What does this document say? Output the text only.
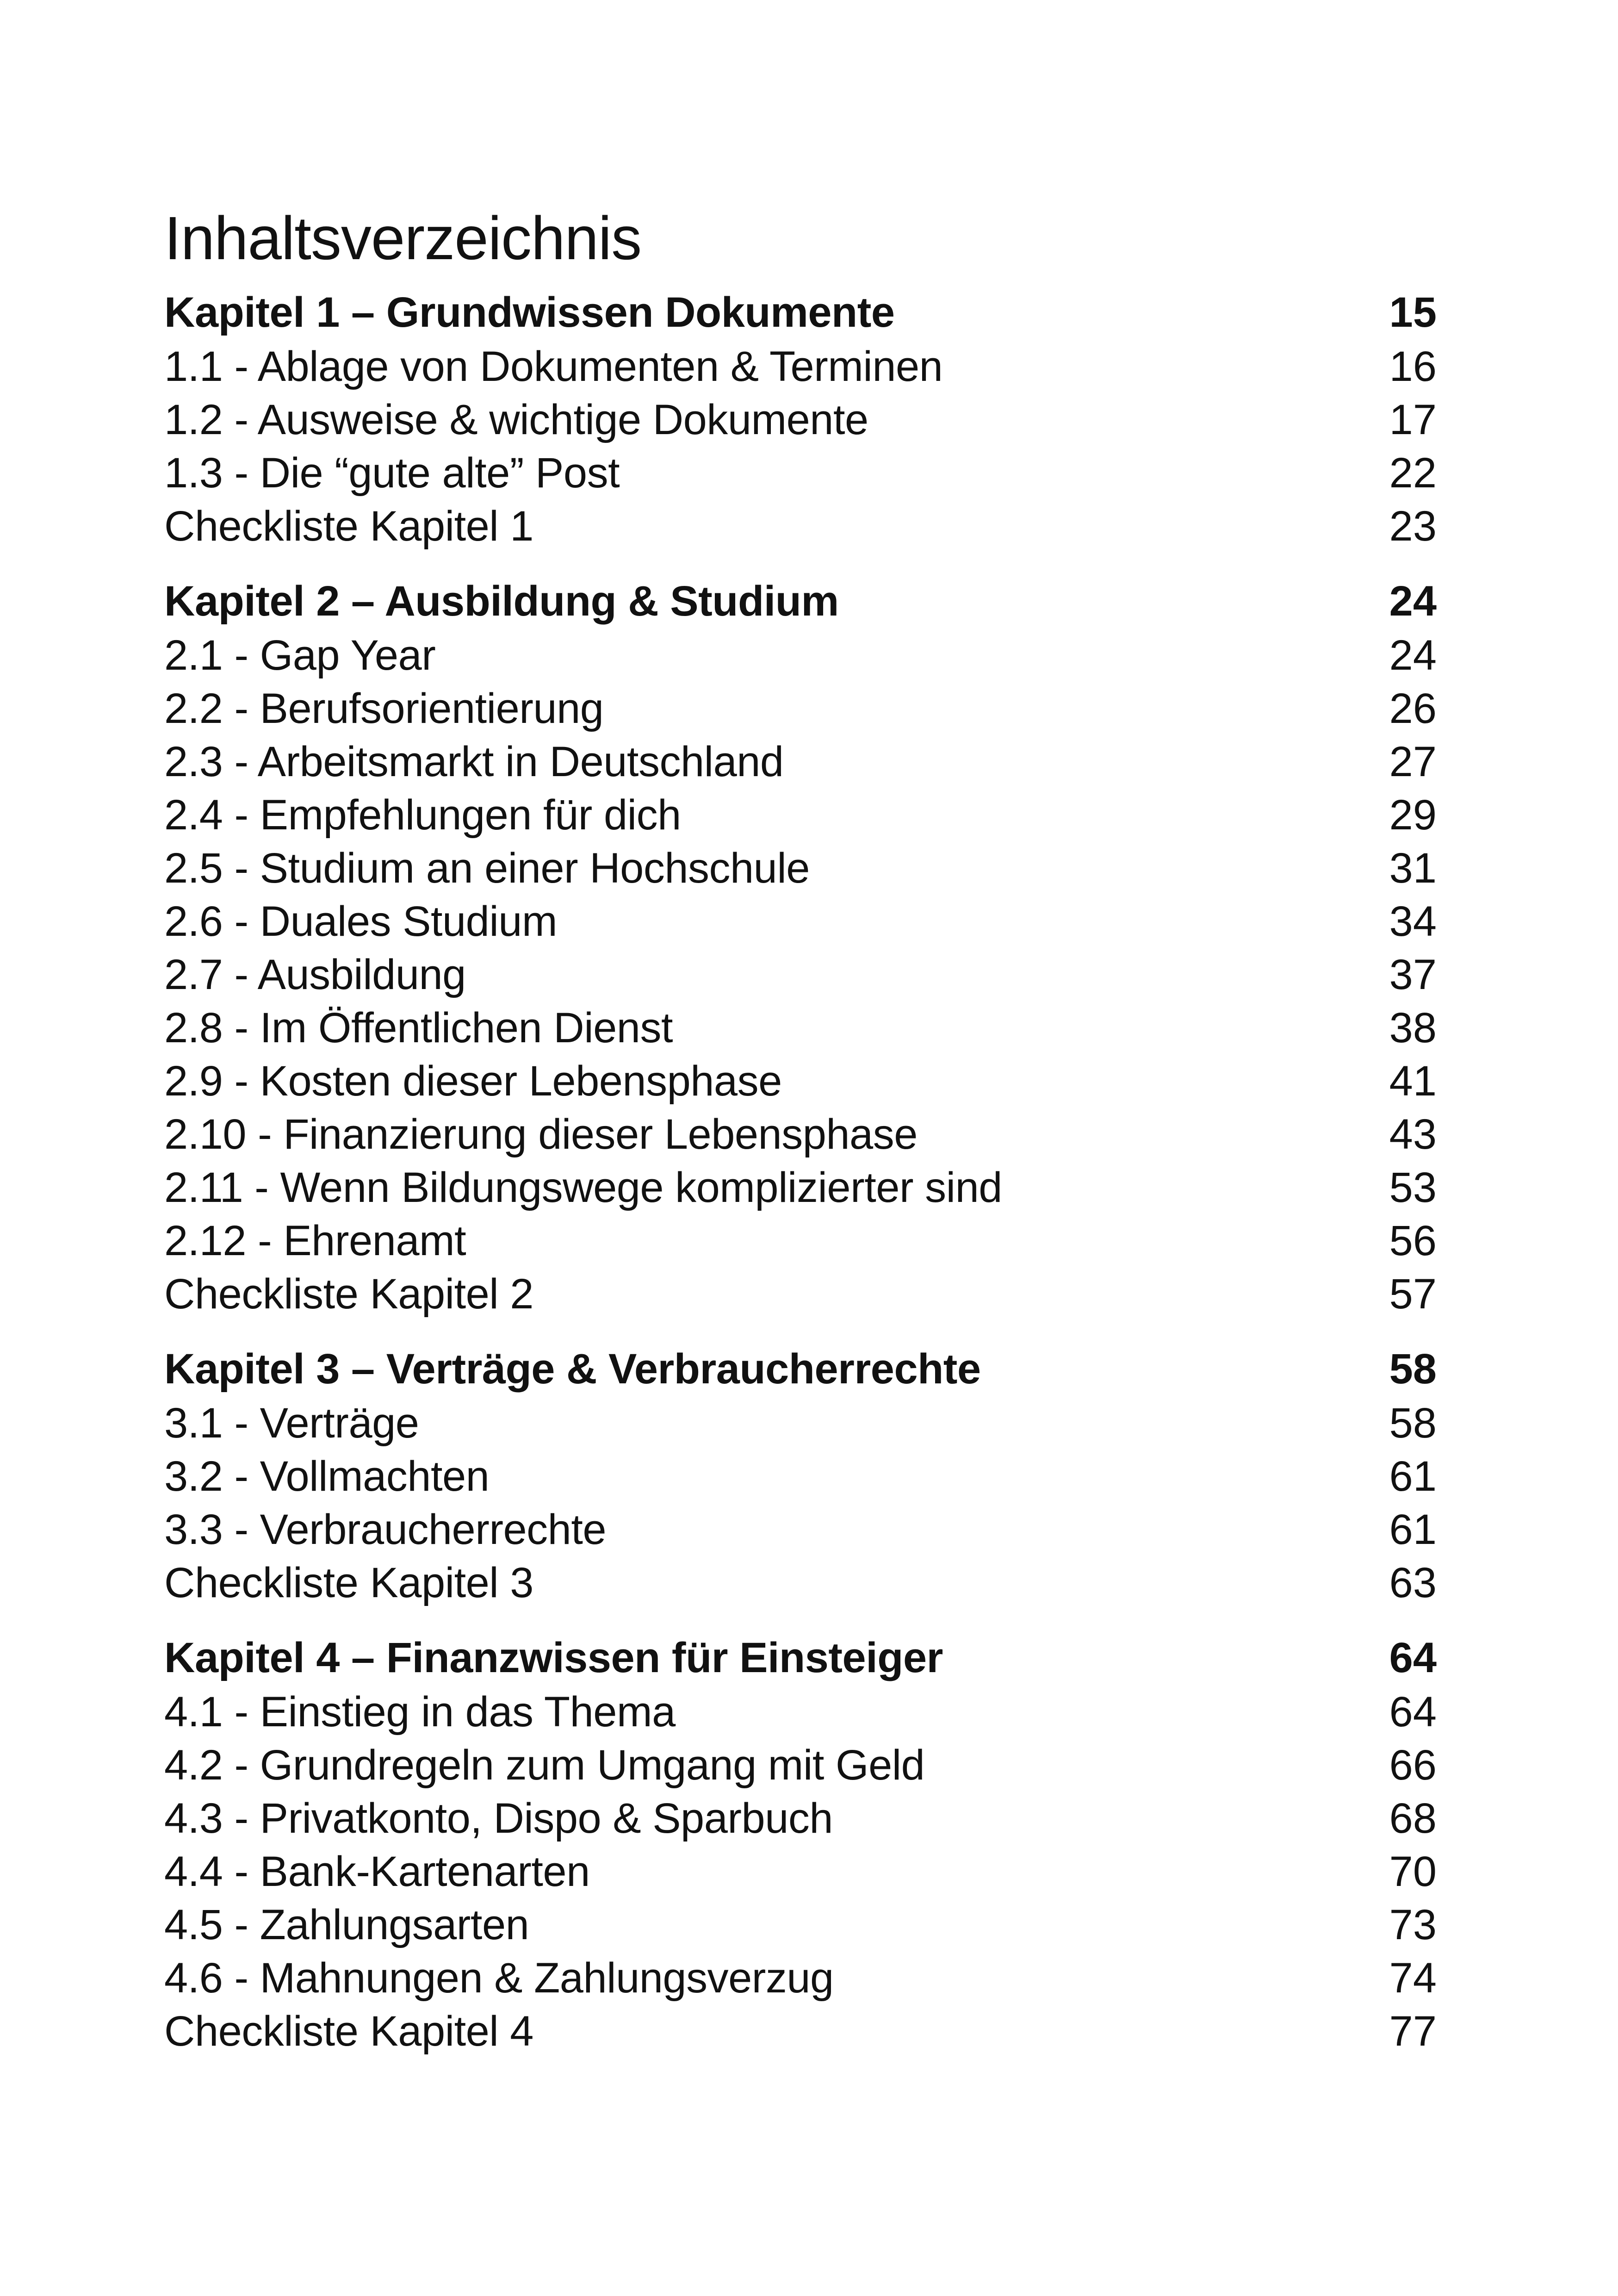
Inhaltsverzeichnis
Kapitel 1 – Grundwissen Dokumente	15
1.1 - Ablage von Dokumenten & Terminen	16
1.2 - Ausweise & wichtige Dokumente	17
1.3 - Die “gute alte” Post	22
Checkliste Kapitel 1	23
Kapitel 2 – Ausbildung & Studium	24
2.1 - Gap Year	24
2.2 - Berufsorientierung	26
2.3 - Arbeitsmarkt in Deutschland	27
2.4 - Empfehlungen für dich	29
2.5 - Studium an einer Hochschule	31
2.6 - Duales Studium	34
2.7 - Ausbildung	37
2.8 - Im Öffentlichen Dienst	38
2.9 - Kosten dieser Lebensphase	41
2.10 - Finanzierung dieser Lebensphase	43
2.11 - Wenn Bildungswege komplizierter sind	53
2.12 - Ehrenamt	56
Checkliste Kapitel 2	57
Kapitel 3 – Verträge & Verbraucherrechte	58
3.1 - Verträge	58
3.2 - Vollmachten	61
3.3 - Verbraucherrechte	61
Checkliste Kapitel 3	63
Kapitel 4 – Finanzwissen für Einsteiger	64
4.1 - Einstieg in das Thema	64
4.2 - Grundregeln zum Umgang mit Geld	66
4.3 - Privatkonto, Dispo & Sparbuch	68
4.4 - Bank-Kartenarten	70
4.5 - Zahlungsarten	73
4.6 - Mahnungen & Zahlungsverzug	74
Checkliste Kapitel 4	77
